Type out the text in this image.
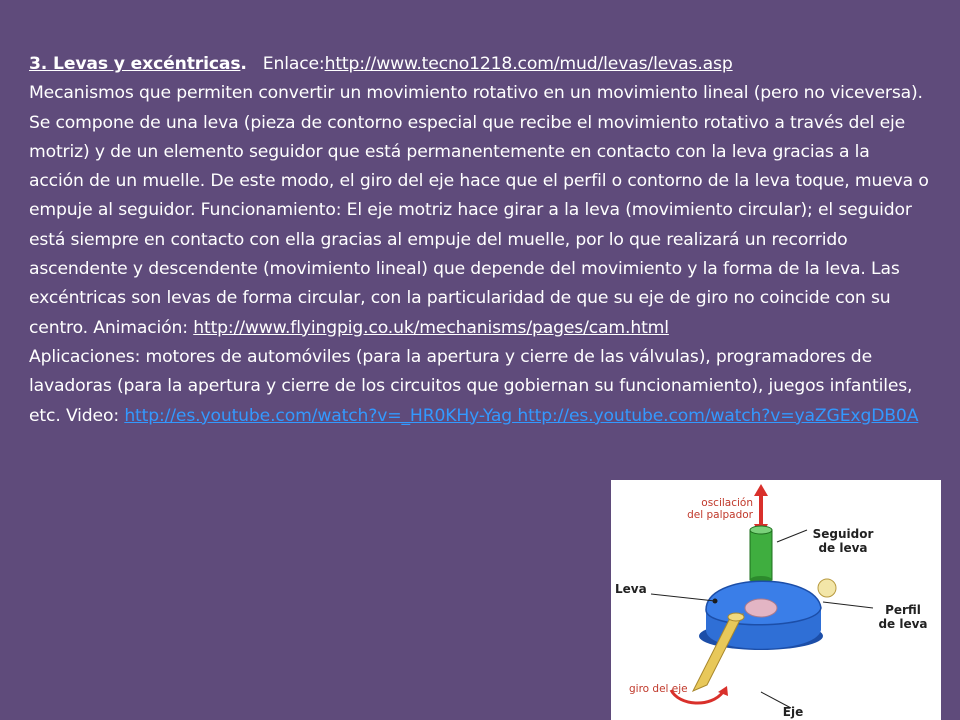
3. Levas y excéntricas.   Enlace:http://www.tecno1218.com/mud/levas/levas.asp

Mecanismos que permiten convertir un movimiento rotativo en un movimiento lineal (pero no viceversa). Se compone de una leva (pieza de contorno especial que recibe el movimiento rotativo a través del eje motriz) y de un elemento seguidor que está permanentemente en contacto con la leva gracias a la acción de un muelle. De este modo, el giro del eje hace que el perfil o contorno de la leva toque, mueva o empuje al seguidor. Funcionamiento: El eje motriz hace girar a la leva (movimiento circular); el seguidor está siempre en contacto con ella gracias al empuje del muelle, por lo que realizará un recorrido ascendente y descendente (movimiento lineal) que depende del movimiento y la forma de la leva. Las excéntricas son levas de forma circular, con la particularidad de que su eje de giro no coincide con su centro. Animación: http://www.flyingpig.co.uk/mechanisms/pages/cam.html

Aplicaciones: motores de automóviles (para la apertura y cierre de las válvulas), programadores de lavadoras (para la apertura y cierre de los circuitos que gobiernan su funcionamiento), juegos infantiles, etc. Video: http://es.youtube.com/watch?v=_HR0KHy-Yag http://es.youtube.com/watch?v=yaZGExgDB0A

oscilación
del palpador
Seguidor
de leva
Leva
Perfil
de leva
giro del eje
Eje
